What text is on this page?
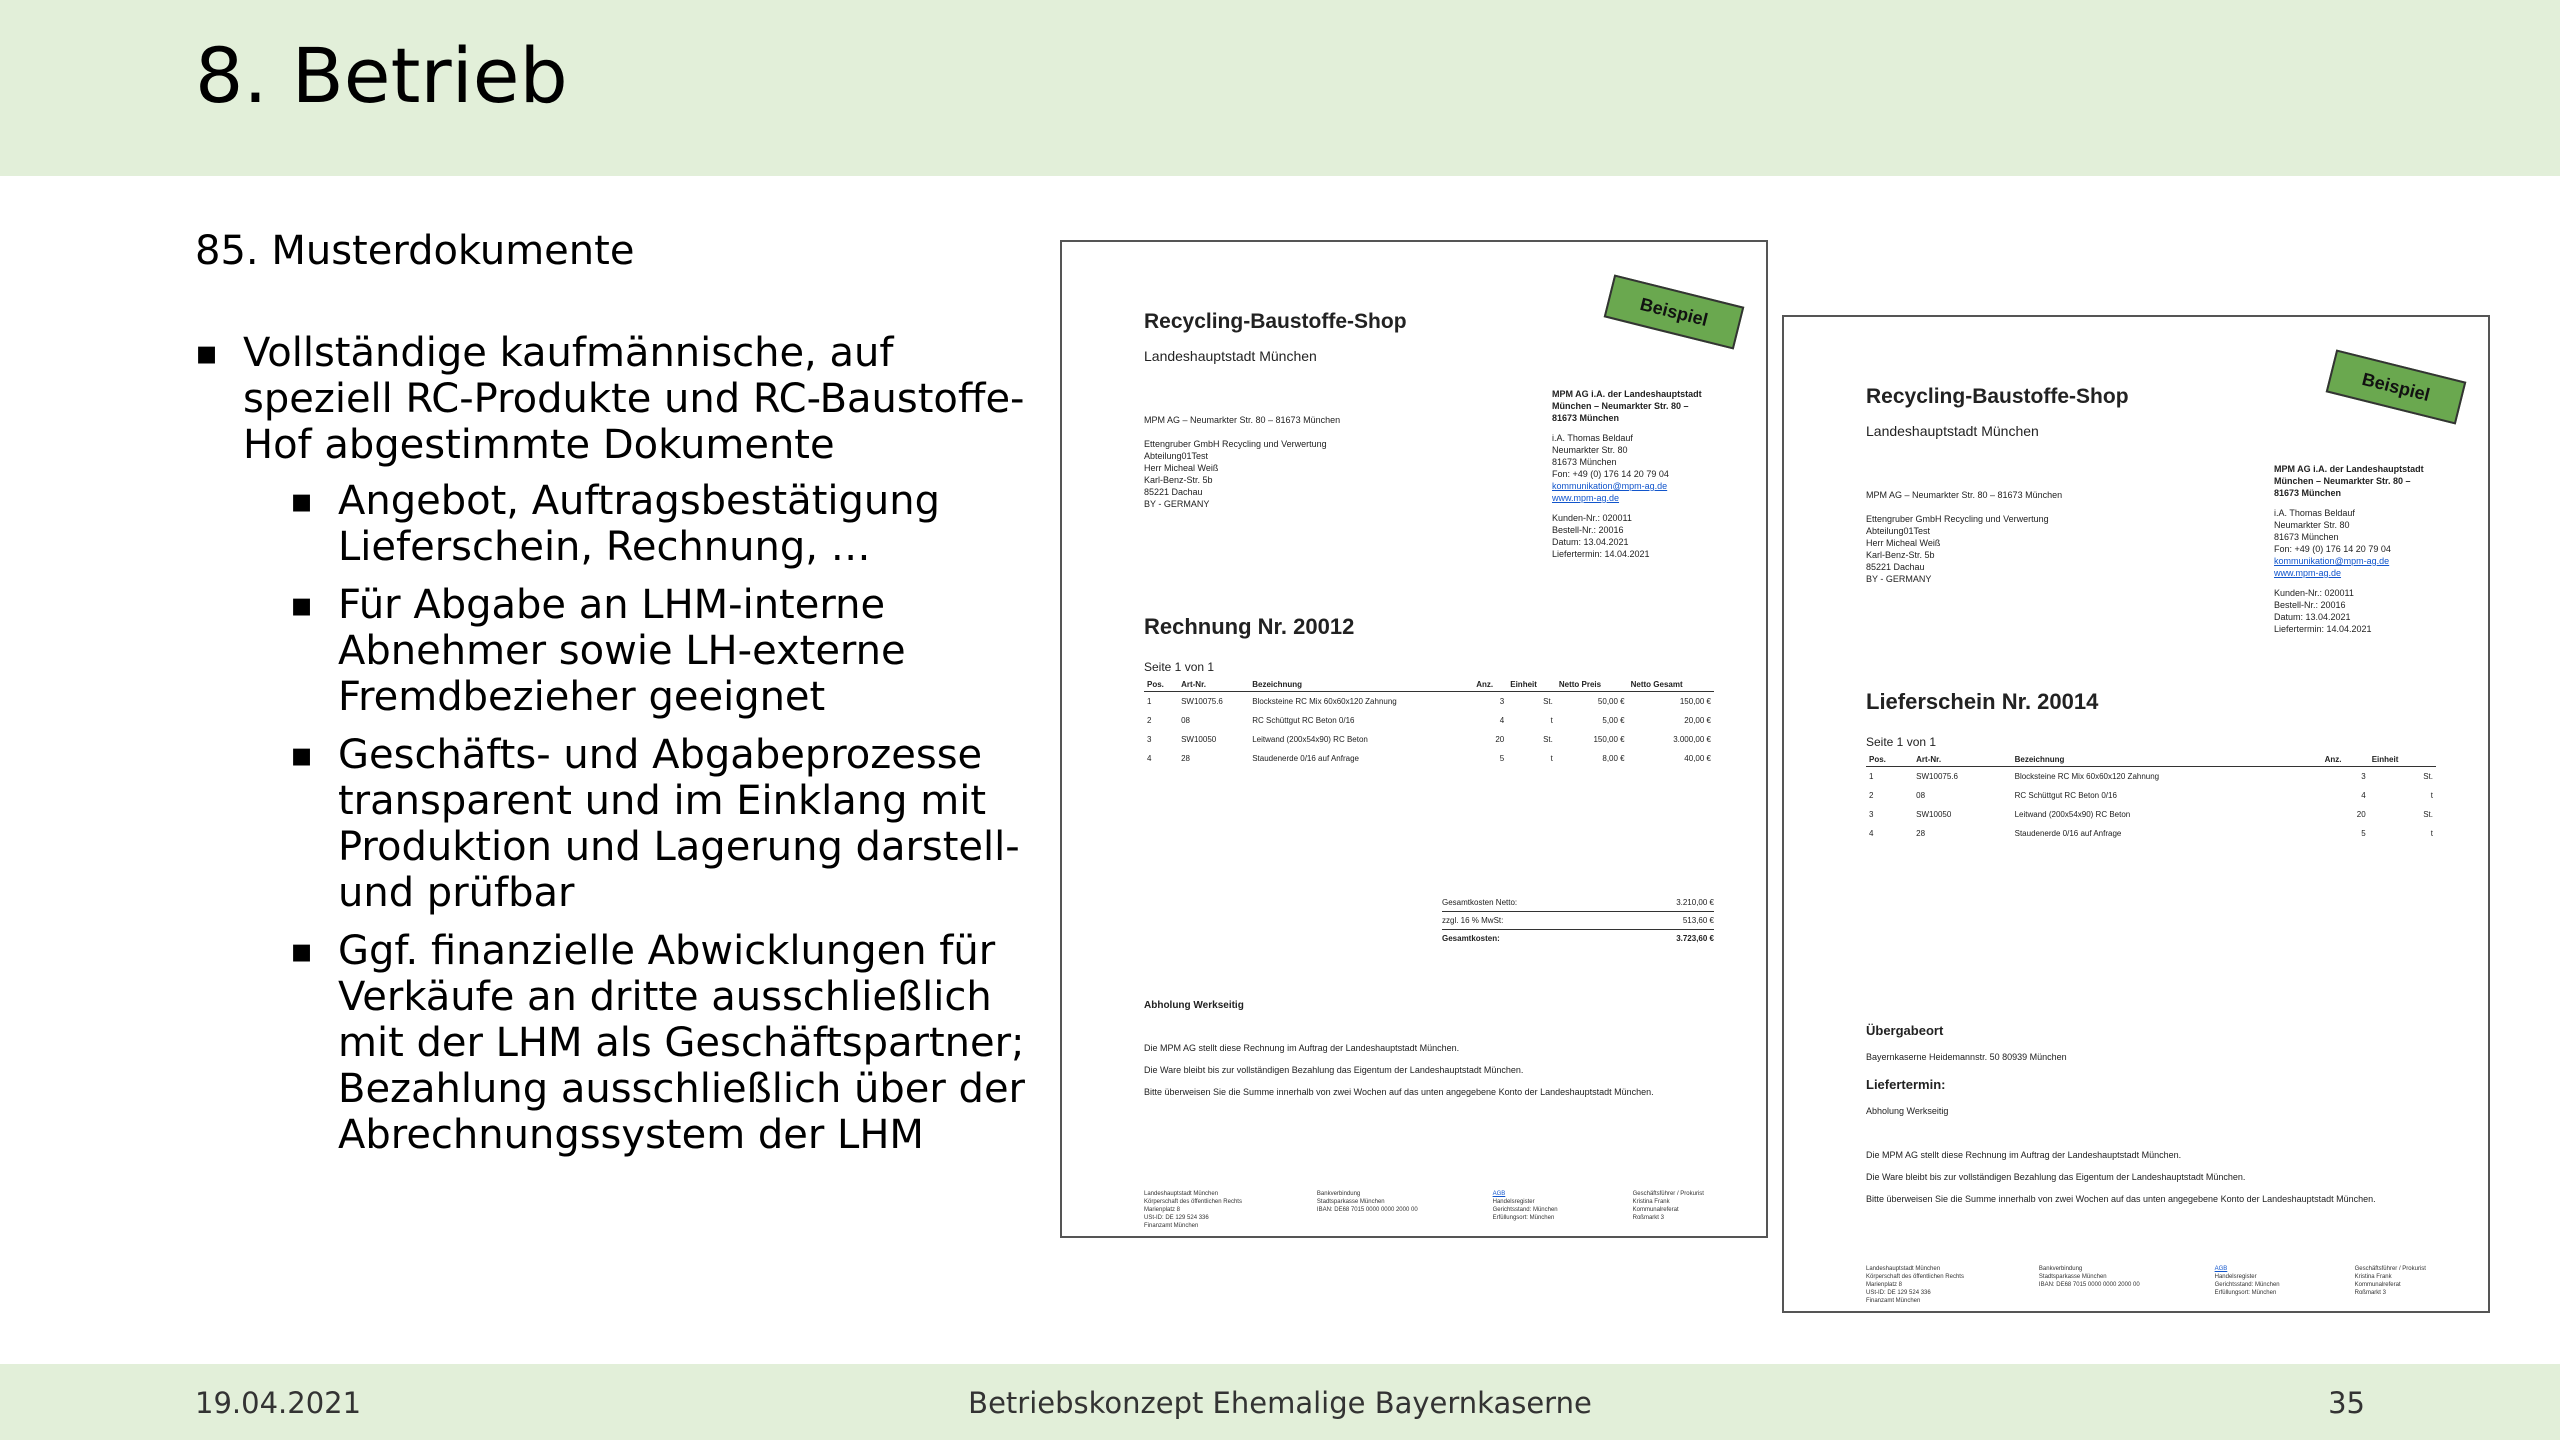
8. Betrieb
85. Musterdokumente
▪ Vollständige kaufmännische, auf speziell RC-Produkte und RC-Baustoffe-Hof abgestimmte Dokumente
▪ Angebot, Auftragsbestätigung Lieferschein, Rechnung, …
▪ Für Abgabe an LHM-interne Abnehmer sowie LH-externe Fremdbezieher geeignet
▪ Geschäfts- und Abgabeprozesse transparent und im Einklang mit Produktion und Lagerung darstell- und prüfbar
▪ Ggf. finanzielle Abwicklungen für Verkäufe an dritte ausschließlich mit der LHM als Geschäftspartner; Bezahlung ausschließlich über der Abrechnungssystem der LHM
Beispiel
Recycling-Baustoffe-Shop
Landeshauptstadt München
MPM AG – Neumarkter Str. 80 – 81673 München
Ettengruber GmbH Recycling und Verwertung
Abteilung01Test
Herr Micheal Weiß
Karl-Benz-Str. 5b
85221 Dachau
BY - GERMANY
MPM AG i.A. der Landeshauptstadt München – Neumarkter Str. 80 – 81673 München
i.A. Thomas Beldauf
Neumarkter Str. 80
81673 München
Fon: +49 (0) 176 14 20 79 04
kommunikation@mpm-ag.de
www.mpm-ag.de
Kunden-Nr.: 020011
Bestell-Nr.: 20016
Datum: 13.04.2021
Liefertermin: 14.04.2021
Rechnung Nr. 20012
Seite 1 von 1
Pos.	Art-Nr.	Bezeichnung	Anz.	Einheit	Netto Preis	Netto Gesamt
1	SW10075.6	Blocksteine RC Mix 60x60x120 Zahnung	3	St.	50,00 €	150,00 €
2	08	RC Schüttgut RC Beton 0/16	4	t	5,00 €	20,00 €
3	SW10050	Leitwand (200x54x90) RC Beton	20	St.	150,00 €	3.000,00 €
4	28	Staudenerde 0/16 auf Anfrage	5	t	8,00 €	40,00 €
Gesamtkosten Netto:	3.210,00 €
zzgl. 16 % MwSt:	513,60 €
Gesamtkosten:	3.723,60 €
Abholung Werkseitig
Die MPM AG stellt diese Rechnung im Auftrag der Landeshauptstadt München.
Die Ware bleibt bis zur vollständigen Bezahlung das Eigentum der Landeshauptstadt München.
Bitte überweisen Sie die Summe innerhalb von zwei Wochen auf das unten angegebene Konto der Landeshauptstadt München.
Landeshauptstadt München
Körperschaft des öffentlichen Rechts
Marienplatz 8
USt-ID: DE 129 524 336
Finanzamt München
Bankverbindung
Stadtsparkasse München
IBAN: DE68 7015 0000 0000 2000 00
AGB
Handelsregister
Gerichtsstand: München
Erfüllungsort: München
Geschäftsführer / Prokurist
Kristina Frank
Kommunalreferat
Roßmarkt 3
Beispiel
Recycling-Baustoffe-Shop
Landeshauptstadt München
MPM AG – Neumarkter Str. 80 – 81673 München
Ettengruber GmbH Recycling und Verwertung
Abteilung01Test
Herr Micheal Weiß
Karl-Benz-Str. 5b
85221 Dachau
BY - GERMANY
MPM AG i.A. der Landeshauptstadt München – Neumarkter Str. 80 – 81673 München
i.A. Thomas Beldauf
Neumarkter Str. 80
81673 München
Fon: +49 (0) 176 14 20 79 04
kommunikation@mpm-ag.de
www.mpm-ag.de
Kunden-Nr.: 020011
Bestell-Nr.: 20016
Datum: 13.04.2021
Liefertermin: 14.04.2021
Lieferschein Nr. 20014
Seite 1 von 1
Pos.	Art-Nr.	Bezeichnung	Anz.	Einheit
1	SW10075.6	Blocksteine RC Mix 60x60x120 Zahnung	3	St.
2	08	RC Schüttgut RC Beton 0/16	4	t
3	SW10050	Leitwand (200x54x90) RC Beton	20	St.
4	28	Staudenerde 0/16 auf Anfrage	5	t
Übergabeort
Bayernkaserne Heidemannstr. 50 80939 München
Liefertermin:
Abholung Werkseitig
Die MPM AG stellt diese Rechnung im Auftrag der Landeshauptstadt München.
Die Ware bleibt bis zur vollständigen Bezahlung das Eigentum der Landeshauptstadt München.
Bitte überweisen Sie die Summe innerhalb von zwei Wochen auf das unten angegebene Konto der Landeshauptstadt München.
Landeshauptstadt München
Körperschaft des öffentlichen Rechts
Marienplatz 8
USt-ID: DE 129 524 336
Finanzamt München
Bankverbindung
Stadtsparkasse München
IBAN: DE68 7015 0000 0000 2000 00
AGB
Handelsregister
Gerichtsstand: München
Erfüllungsort: München
Geschäftsführer / Prokurist
Kristina Frank
Kommunalreferat
Roßmarkt 3
19.04.2021	Betriebskonzept Ehemalige Bayernkaserne	35
